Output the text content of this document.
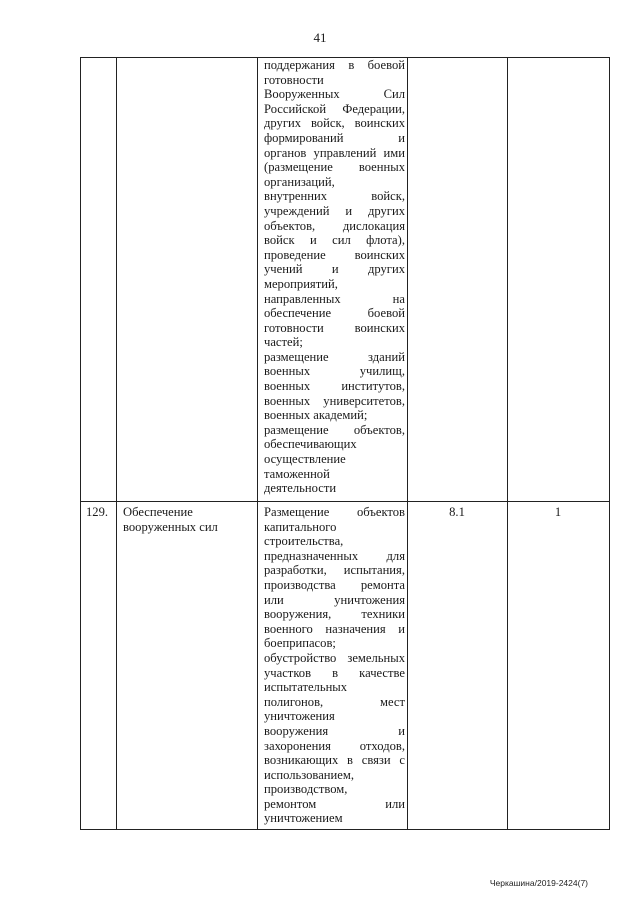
41
поддержания в боевой
готовности
Вооруженных Сил
Российской Федерации,
других войск, воинских
формирований и
органов управлений ими
(размещение военных
организаций,
внутренних войск,
учреждений и других
объектов, дислокация
войск и сил флота),
проведение воинских
учений и других
мероприятий,
направленных на
обеспечение боевой
готовности воинских
частей;
размещение зданий
военных училищ,
военных институтов,
военных университетов,
военных академий;
размещение объектов,
обеспечивающих
осуществление
таможенной
деятельности
129. Обеспечение
вооруженных сил
Размещение объектов
капитального
строительства,
предназначенных для
разработки, испытания,
производства ремонта
или уничтожения
вооружения, техники
военного назначения и
боеприпасов;
обустройство земельных
участков в качестве
испытательных
полигонов, мест
уничтожения
вооружения и
захоронения отходов,
возникающих в связи с
использованием,
производством,
ремонтом или
уничтожением
8.1	1
Черкашина/2019-2424(7)
